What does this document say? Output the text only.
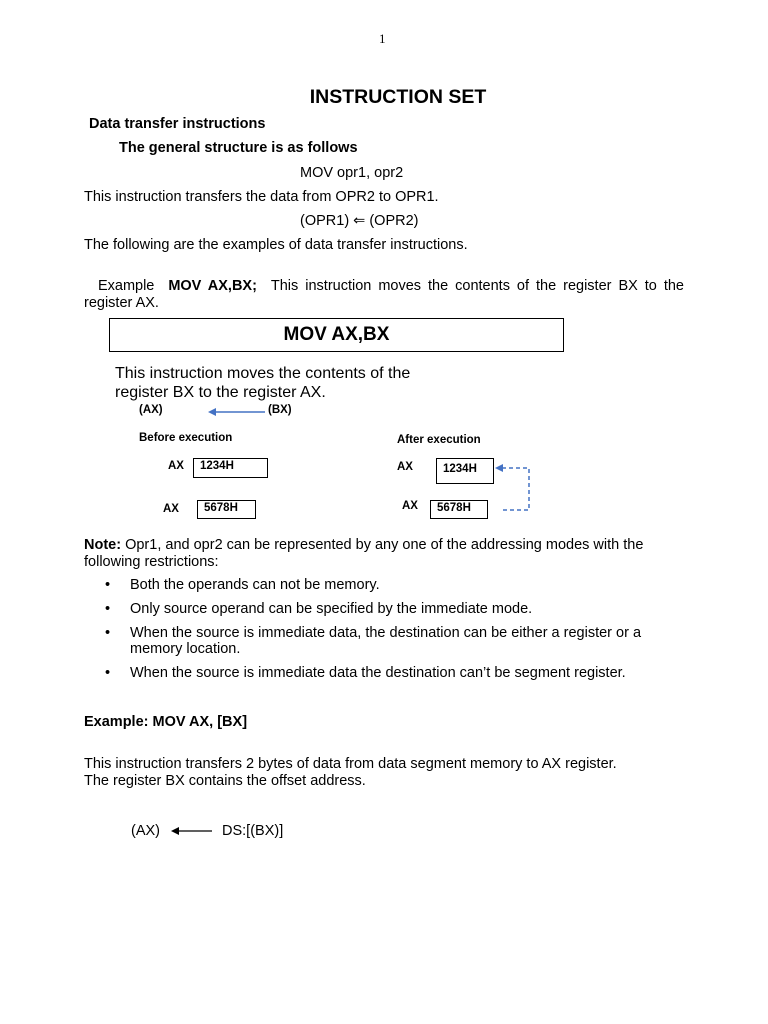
1
INSTRUCTION SET
Data transfer instructions
The general structure is as follows
MOV opr1, opr2
This instruction transfers the data from OPR2 to OPR1.
(OPR1) ⇐ (OPR2)
The following are the examples of data transfer instructions.
Example MOV AX,BX; This instruction moves the contents of the register BX to the register AX.
MOV AX,BX
This instruction moves the contents of the
register BX to the register AX.
(AX)	(BX)
Before execution	After execution
AX	1234H
AX	5678H
AX	1234H
AX	5678H
Note: Opr1, and opr2 can be represented by any one of the addressing modes with the following restrictions:
• Both the operands can not be memory.
• Only source operand can be specified by the immediate mode.
• When the source is immediate data, the destination can be either a register or a memory location.
• When the source is immediate data the destination can’t be segment register.
Example: MOV AX, [BX]
This instruction transfers 2 bytes of data from data segment memory to AX register.
The register BX contains the offset address.
(AX)	DS:[(BX)]
